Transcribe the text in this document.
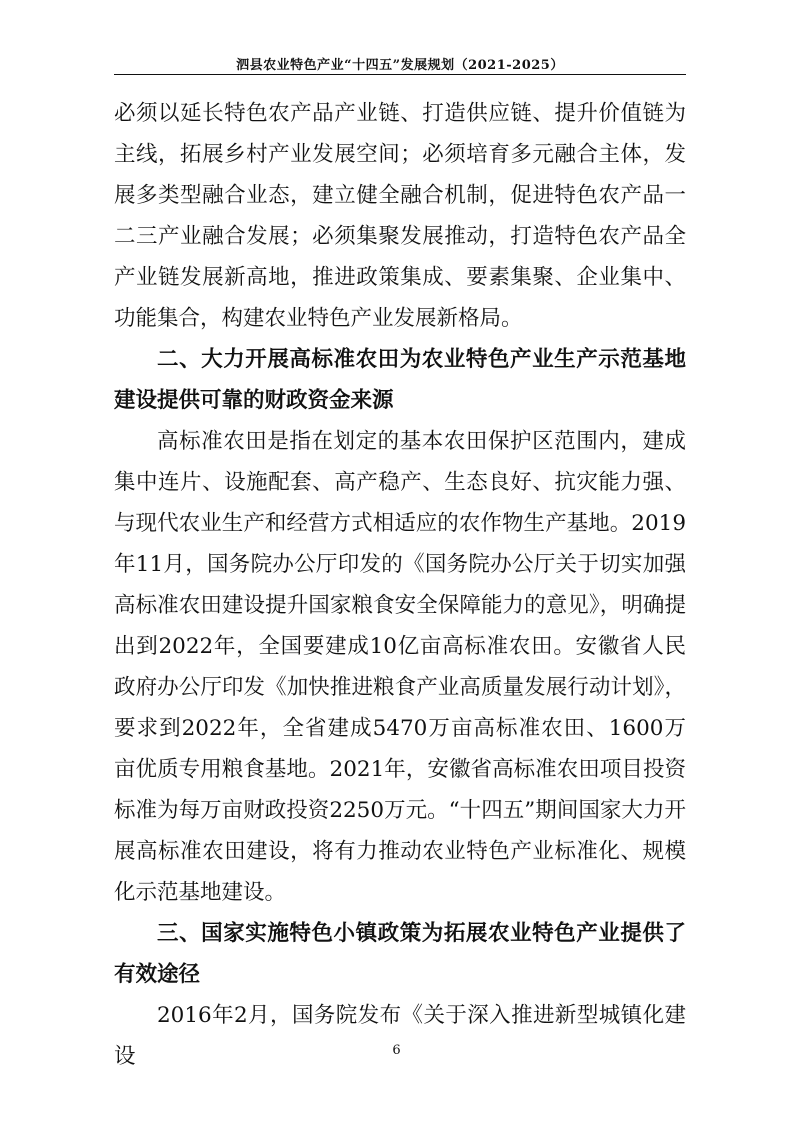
泗县农业特色产业“十四五”发展规划（2021-2025）

必须以延长特色农产品产业链、打造供应链、提升价值链为主线，拓展乡村产业发展空间；必须培育多元融合主体，发展多类型融合业态，建立健全融合机制，促进特色农产品一二三产业融合发展；必须集聚发展推动，打造特色农产品全产业链发展新高地，推进政策集成、要素集聚、企业集中、功能集合，构建农业特色产业发展新格局。

二、大力开展高标准农田为农业特色产业生产示范基地建设提供可靠的财政资金来源

高标准农田是指在划定的基本农田保护区范围内，建成集中连片、设施配套、高产稳产、生态良好、抗灾能力强、与现代农业生产和经营方式相适应的农作物生产基地。2019年11月，国务院办公厅印发的《国务院办公厅关于切实加强高标准农田建设提升国家粮食安全保障能力的意见》，明确提出到2022年，全国要建成10亿亩高标准农田。安徽省人民政府办公厅印发《加快推进粮食产业高质量发展行动计划》，要求到2022年，全省建成5470万亩高标准农田、1600万亩优质专用粮食基地。2021年，安徽省高标准农田项目投资标准为每万亩财政投资2250万元。“十四五”期间国家大力开展高标准农田建设，将有力推动农业特色产业标准化、规模化示范基地建设。

三、国家实施特色小镇政策为拓展农业特色产业提供了有效途径

2016年2月，国务院发布《关于深入推进新型城镇化建设	6
